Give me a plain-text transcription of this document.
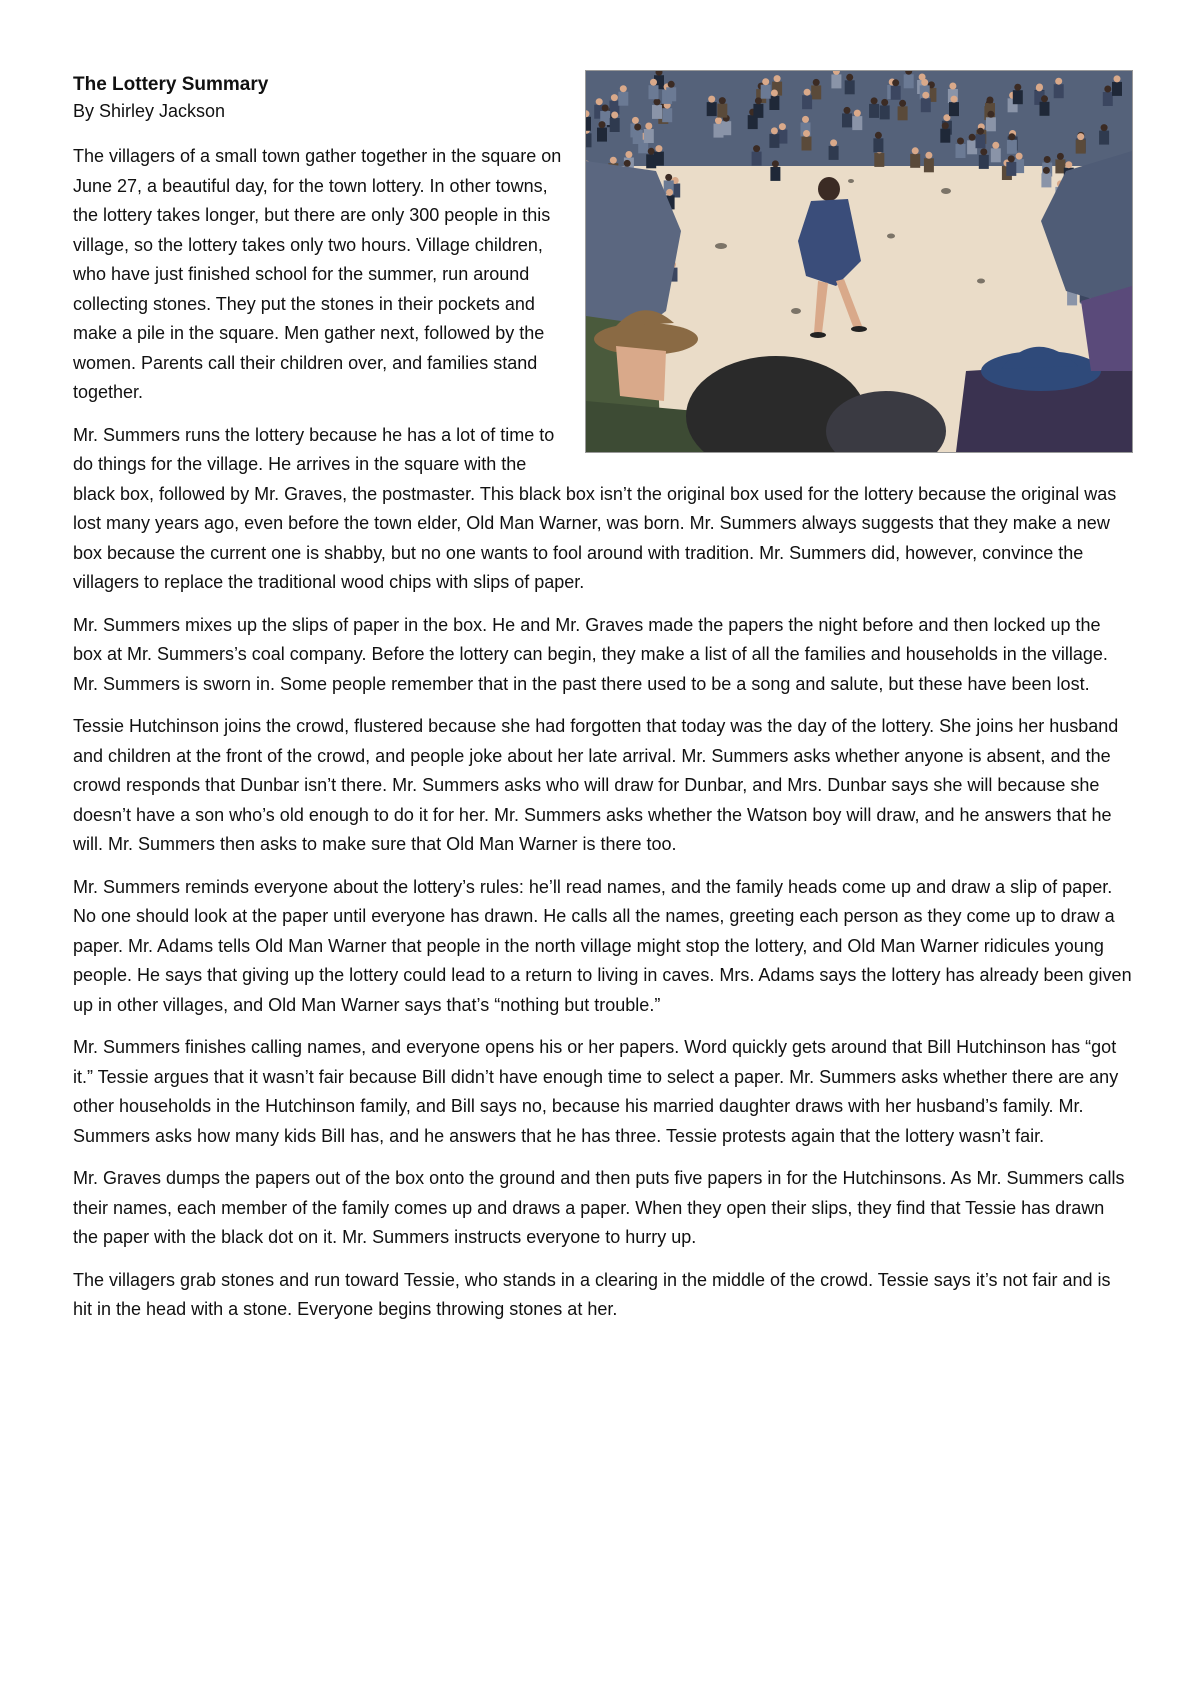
The Lottery Summary
By Shirley Jackson

The villagers of a small town gather together in the square on June 27, a beautiful day, for the town lottery. In other towns, the lottery takes longer, but there are only 300 people in this village, so the lottery takes only two hours. Village children, who have just finished school for the summer, run around collecting stones. They put the stones in their pockets and make a pile in the square. Men gather next, followed by the women. Parents call their children over, and families stand together.

Mr. Summers runs the lottery because he has a lot of time to do things for the village. He arrives in the square with the black box, followed by Mr. Graves, the postmaster. This black box isn’t the original box used for the lottery because the original was lost many years ago, even before the town elder, Old Man Warner, was born. Mr. Summers always suggests that they make a new box because the current one is shabby, but no one wants to fool around with tradition. Mr. Summers did, however, convince the villagers to replace the traditional wood chips with slips of paper.

Mr. Summers mixes up the slips of paper in the box. He and Mr. Graves made the papers the night before and then locked up the box at Mr. Summers’s coal company. Before the lottery can begin, they make a list of all the families and households in the village. Mr. Summers is sworn in. Some people remember that in the past there used to be a song and salute, but these have been lost.

Tessie Hutchinson joins the crowd, flustered because she had forgotten that today was the day of the lottery. She joins her husband and children at the front of the crowd, and people joke about her late arrival. Mr. Summers asks whether anyone is absent, and the crowd responds that Dunbar isn’t there. Mr. Summers asks who will draw for Dunbar, and Mrs. Dunbar says she will because she doesn’t have a son who’s old enough to do it for her. Mr. Summers asks whether the Watson boy will draw, and he answers that he will. Mr. Summers then asks to make sure that Old Man Warner is there too.

Mr. Summers reminds everyone about the lottery’s rules: he’ll read names, and the family heads come up and draw a slip of paper. No one should look at the paper until everyone has drawn. He calls all the names, greeting each person as they come up to draw a paper. Mr. Adams tells Old Man Warner that people in the north village might stop the lottery, and Old Man Warner ridicules young people. He says that giving up the lottery could lead to a return to living in caves. Mrs. Adams says the lottery has already been given up in other villages, and Old Man Warner says that’s “nothing but trouble.”

Mr. Summers finishes calling names, and everyone opens his or her papers. Word quickly gets around that Bill Hutchinson has “got it.” Tessie argues that it wasn’t fair because Bill didn’t have enough time to select a paper. Mr. Summers asks whether there are any other households in the Hutchinson family, and Bill says no, because his married daughter draws with her husband’s family. Mr. Summers asks how many kids Bill has, and he answers that he has three. Tessie protests again that the lottery wasn’t fair.

Mr. Graves dumps the papers out of the box onto the ground and then puts five papers in for the Hutchinsons. As Mr. Summers calls their names, each member of the family comes up and draws a paper. When they open their slips, they find that Tessie has drawn the paper with the black dot on it. Mr. Summers instructs everyone to hurry up.

The villagers grab stones and run toward Tessie, who stands in a clearing in the middle of the crowd. Tessie says it’s not fair and is hit in the head with a stone. Everyone begins throwing stones at her.
